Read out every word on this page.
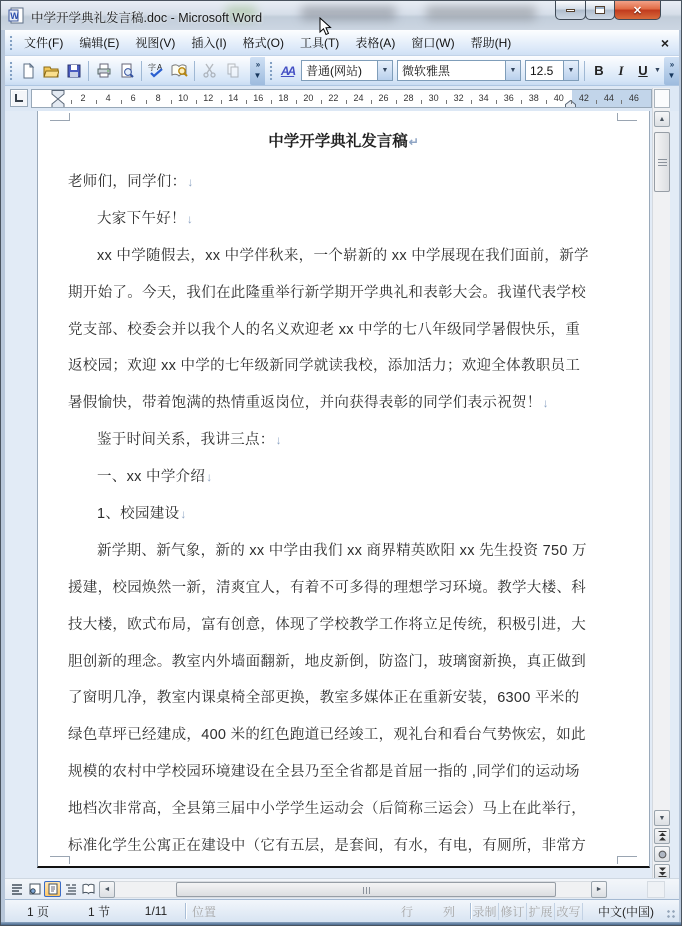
W 中学开学典礼发言稿.doc - Microsoft Word
✕
文件(F)	编辑(E)	视图(V)	插入(I)	格式(O)	工具(T)	表格(A)	窗口(W)	帮助(H)	×
字 A	»
▼ AA 普通(网站)	▼ 微软雅黑	▼ 12.5	▼	B	I	U ▼
»
▼
2 4 6 8 10 12 14 16 18 20 22 24 26 28 30 32 34 36 38 40 42 44 46
中学开学典礼发言稿↵
老师们，同学们：↓
大家下午好！↓
xx 中学随假去，xx 中学伴秋来，一个崭新的 xx 中学展现在我们面前，新学
期开始了。今天，我们在此隆重举行新学期开学典礼和表彰大会。我谨代表学校
党支部、校委会并以我个人的名义欢迎老 xx 中学的七八年级同学暑假快乐，重
返校园；欢迎 xx 中学的七年级新同学就读我校，添加活力；欢迎全体教职员工
暑假愉快，带着饱满的热情重返岗位，并向获得表彰的同学们表示祝贺！↓
鉴于时间关系，我讲三点：↓
一、xx 中学介绍↓
1、校园建设↓
新学期、新气象，新的 xx 中学由我们 xx 商界精英欧阳 xx 先生投资 750 万
援建，校园焕然一新，清爽宜人，有着不可多得的理想学习环境。教学大楼、科
技大楼，欧式布局，富有创意，体现了学校教学工作将立足传统，积极引进，大
胆创新的理念。教室内外墙面翻新，地皮新倒，防盗门，玻璃窗新换，真正做到
了窗明几净，教室内课桌椅全部更换，教室多媒体正在重新安装，6300 平米的
绿色草坪已经建成，400 米的红色跑道已经竣工，观礼台和看台气势恢宏，如此
规模的农村中学校园环境建设在全县乃至全省都是首屈一指的 ,同学们的运动场
地档次非常高，全县第三届中小学学生运动会（后简称三运会）马上在此举行，
标准化学生公寓正在建设中（它有五层，是套间，有水，有电，有厕所，非常方
▲
▼
◄	►
1 页	1 节	1/11	位置	行	列	录制 修订 扩展 改写	中文(中国)
